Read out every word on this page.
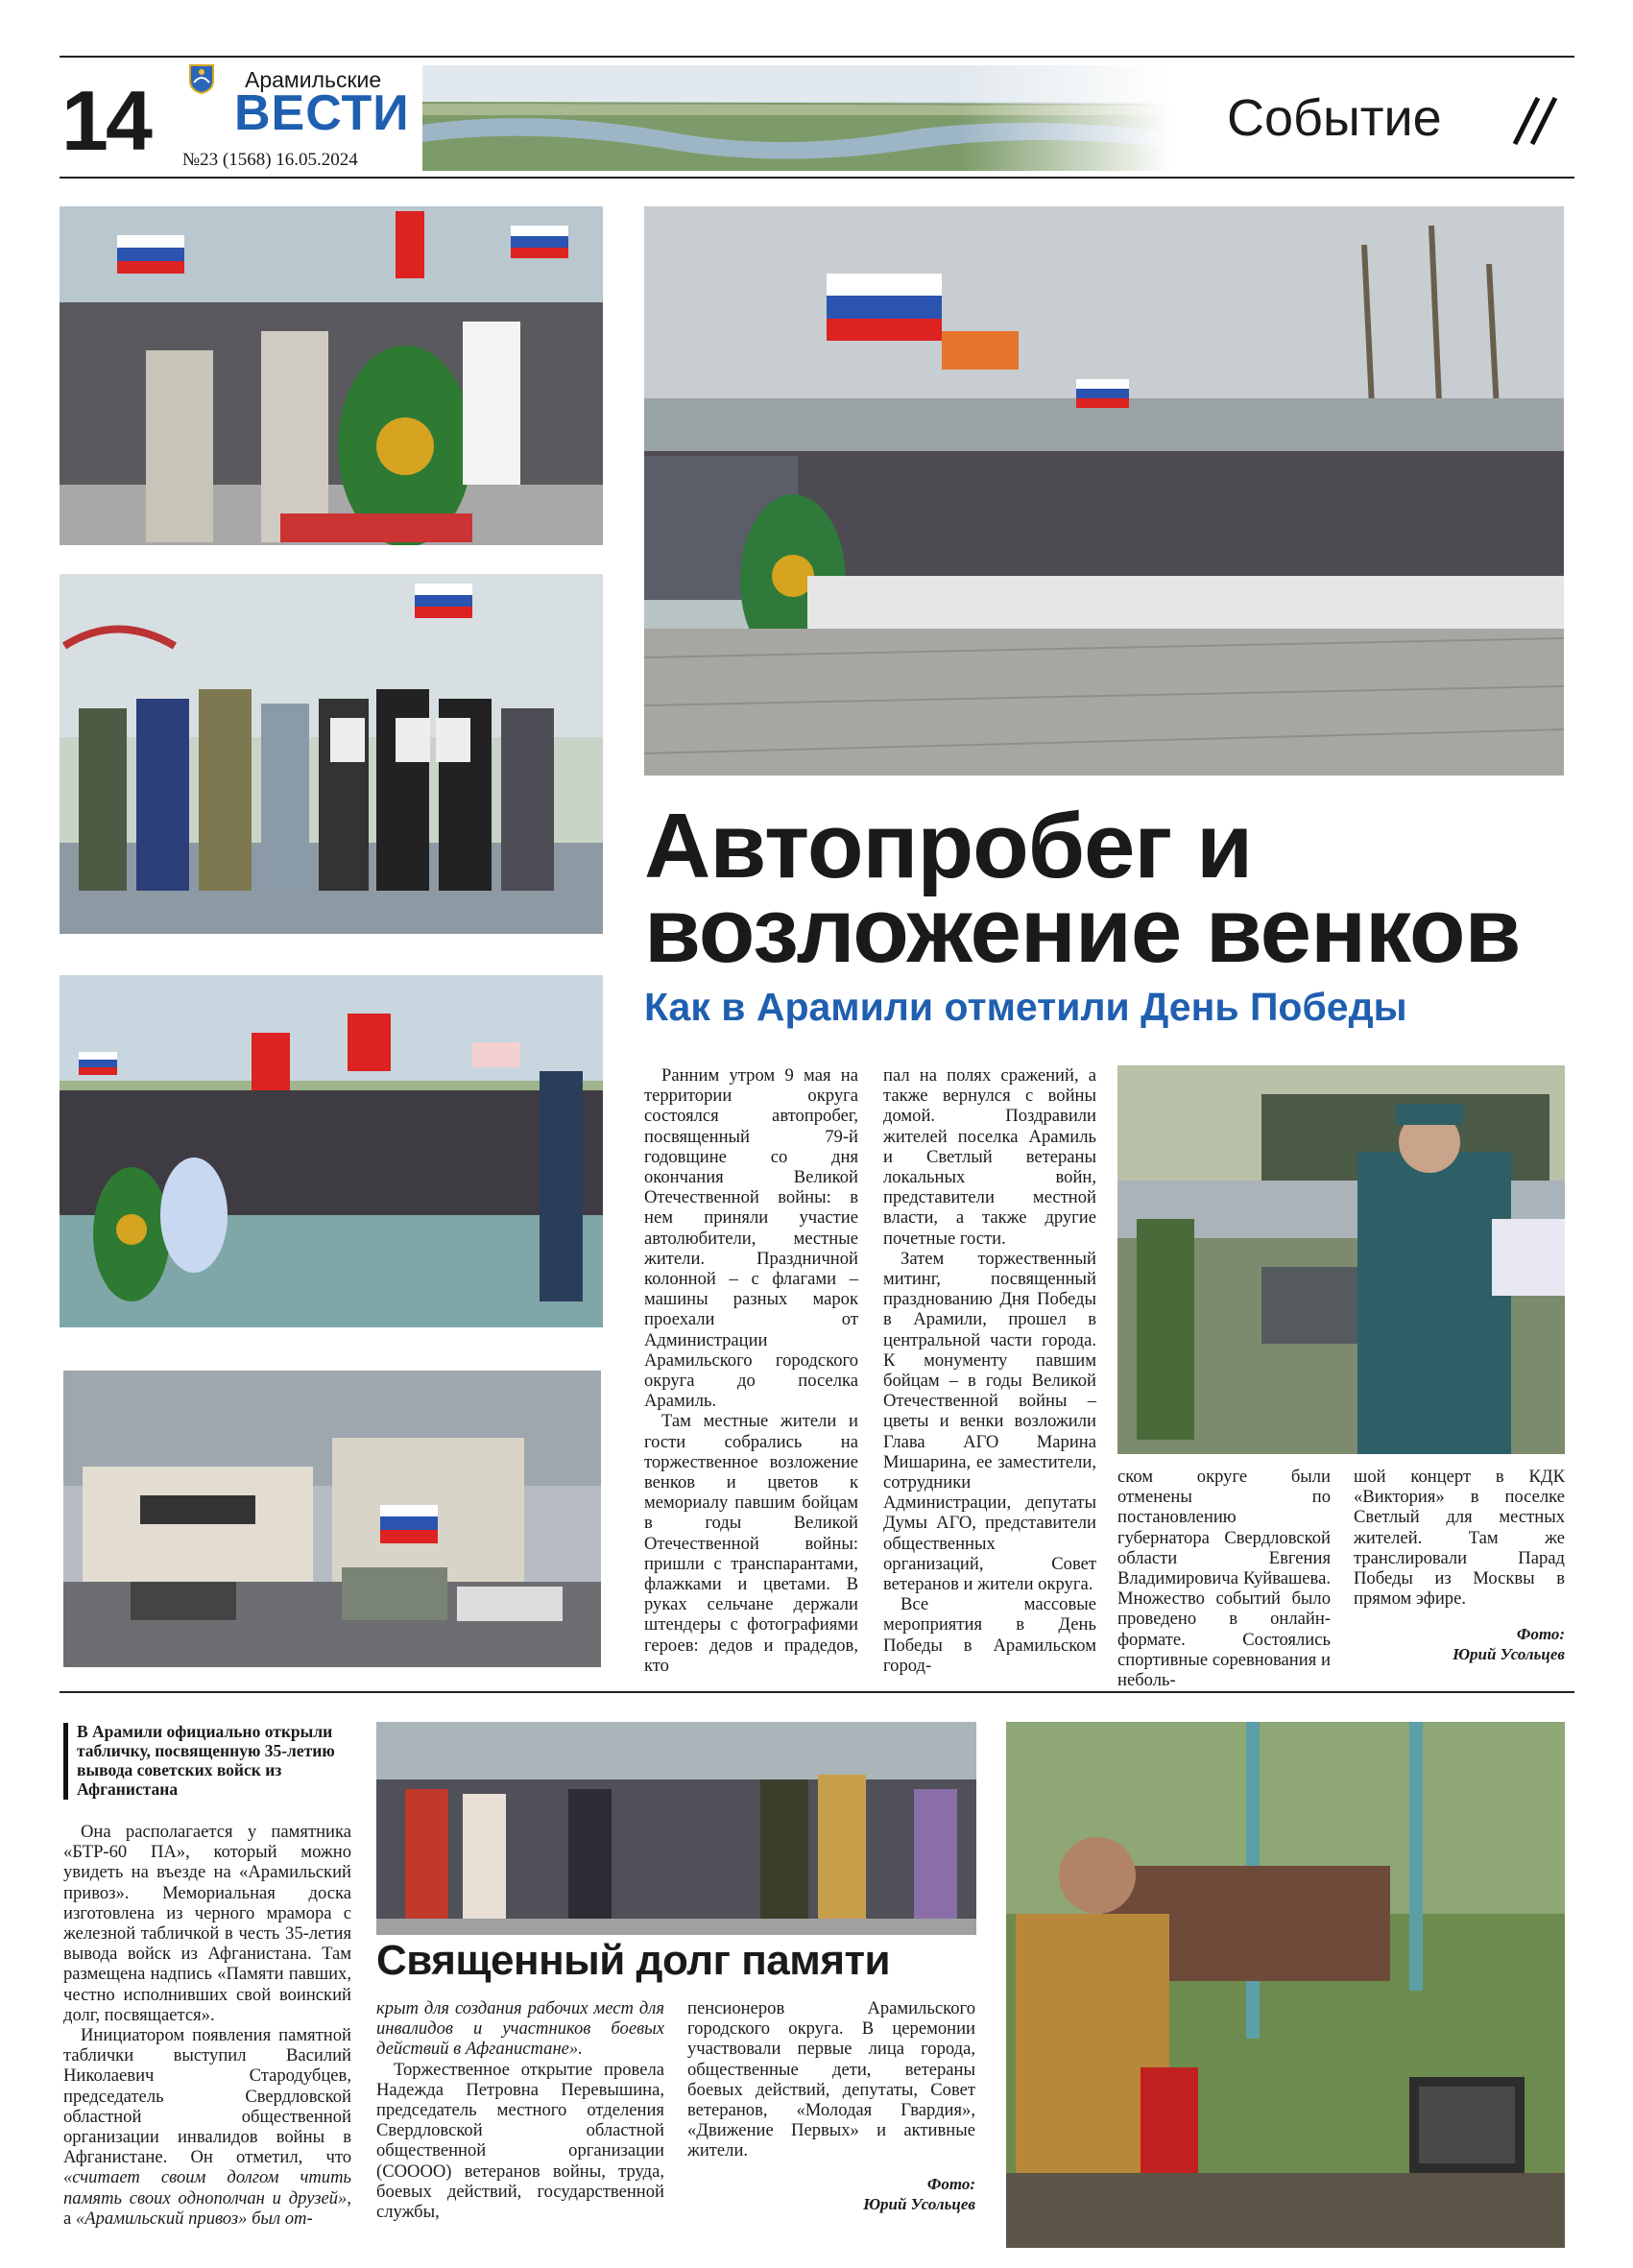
14	Арамильские
ВЕСТИ
№23 (1568) 16.05.2024
Событие
Автопробег и
возложение венков
Как в Арамили отметили День Победы

Ранним утром 9 мая на территории округа состоялся автопробег, посвященный 79-й годовщине со дня окончания Великой Отечественной войны: в нем приняли участие автолюбители, местные жители. Праздничной колонной – с флагами – машины разных марок проехали от Администрации Арамильского городского округа до поселка Арамиль.

Там местные жители и гости собрались на торжественное возложение венков и цветов к мемориалу павшим бойцам в годы Великой Отечественной войны: пришли с транспарантами, флажками и цветами. В руках сельчане держали штендеры с фотографиями героев: дедов и прадедов, кто

пал на полях сражений, а также вернулся с войны домой. Поздравили жителей поселка Арамиль и Светлый ветераны локальных войн, представители местной власти, а также другие почетные гости.

Затем торжественный митинг, посвященный празднованию Дня Победы в Арамили, прошел в центральной части города. К монументу павшим бойцам – в годы Великой Отечественной войны – цветы и венки возложили Глава АГО Марина Мишарина, ее заместители, сотрудники Администрации, депутаты Думы АГО, представители общественных организаций, Совет ветеранов и жители округа.

Все массовые мероприятия в День Победы в Арамильском город-

ском округе были отменены по постановлению губернатора Свердловской области Евгения Владимировича Куйвашева. Множество событий было проведено в онлайн-формате. Состоялись спортивные соревнования и неболь-

шой концерт в КДК «Виктория» в поселке Светлый для местных жителей. Там же транслировали Парад Победы из Москвы в прямом эфире.

Фото:
Юрий Усольцев
В Арамили официально открыли табличку, посвященную 35-летию вывода советских войск из Афганистана

Она располагается у памятника «БТР-60 ПА», который можно увидеть на въезде на «Арамильский привоз». Мемориальная доска изготовлена из черного мрамора с железной табличкой в честь 35-летия вывода войск из Афганистана. Там размещена надпись «Памяти павших, честно исполнивших свой воинский долг, посвящается».

Инициатором появления памятной таблички выступил Василий Николаевич Стародубцев, председатель Свердловской областной общественной организации инвалидов войны в Афганистане. Он отметил, что «считает своим долгом чтить память своих однополчан и друзей», а «Арамильский привоз» был от-

Священный долг памяти

крыт для создания рабочих мест для инвалидов и участников боевых действий в Афганистане».

Торжественное открытие провела Надежда Петровна Перевышина, председатель местного отделения Свердловской областной общественной организации (СОООО) ветеранов войны, труда, боевых действий, государственной службы,

пенсионеров Арамильского городского округа. В церемонии участвовали первые лица города, общественные дети, ветераны боевых действий, депутаты, Совет ветеранов, «Молодая Гвардия», «Движение Первых» и активные жители.

Фото:
Юрий Усольцев
